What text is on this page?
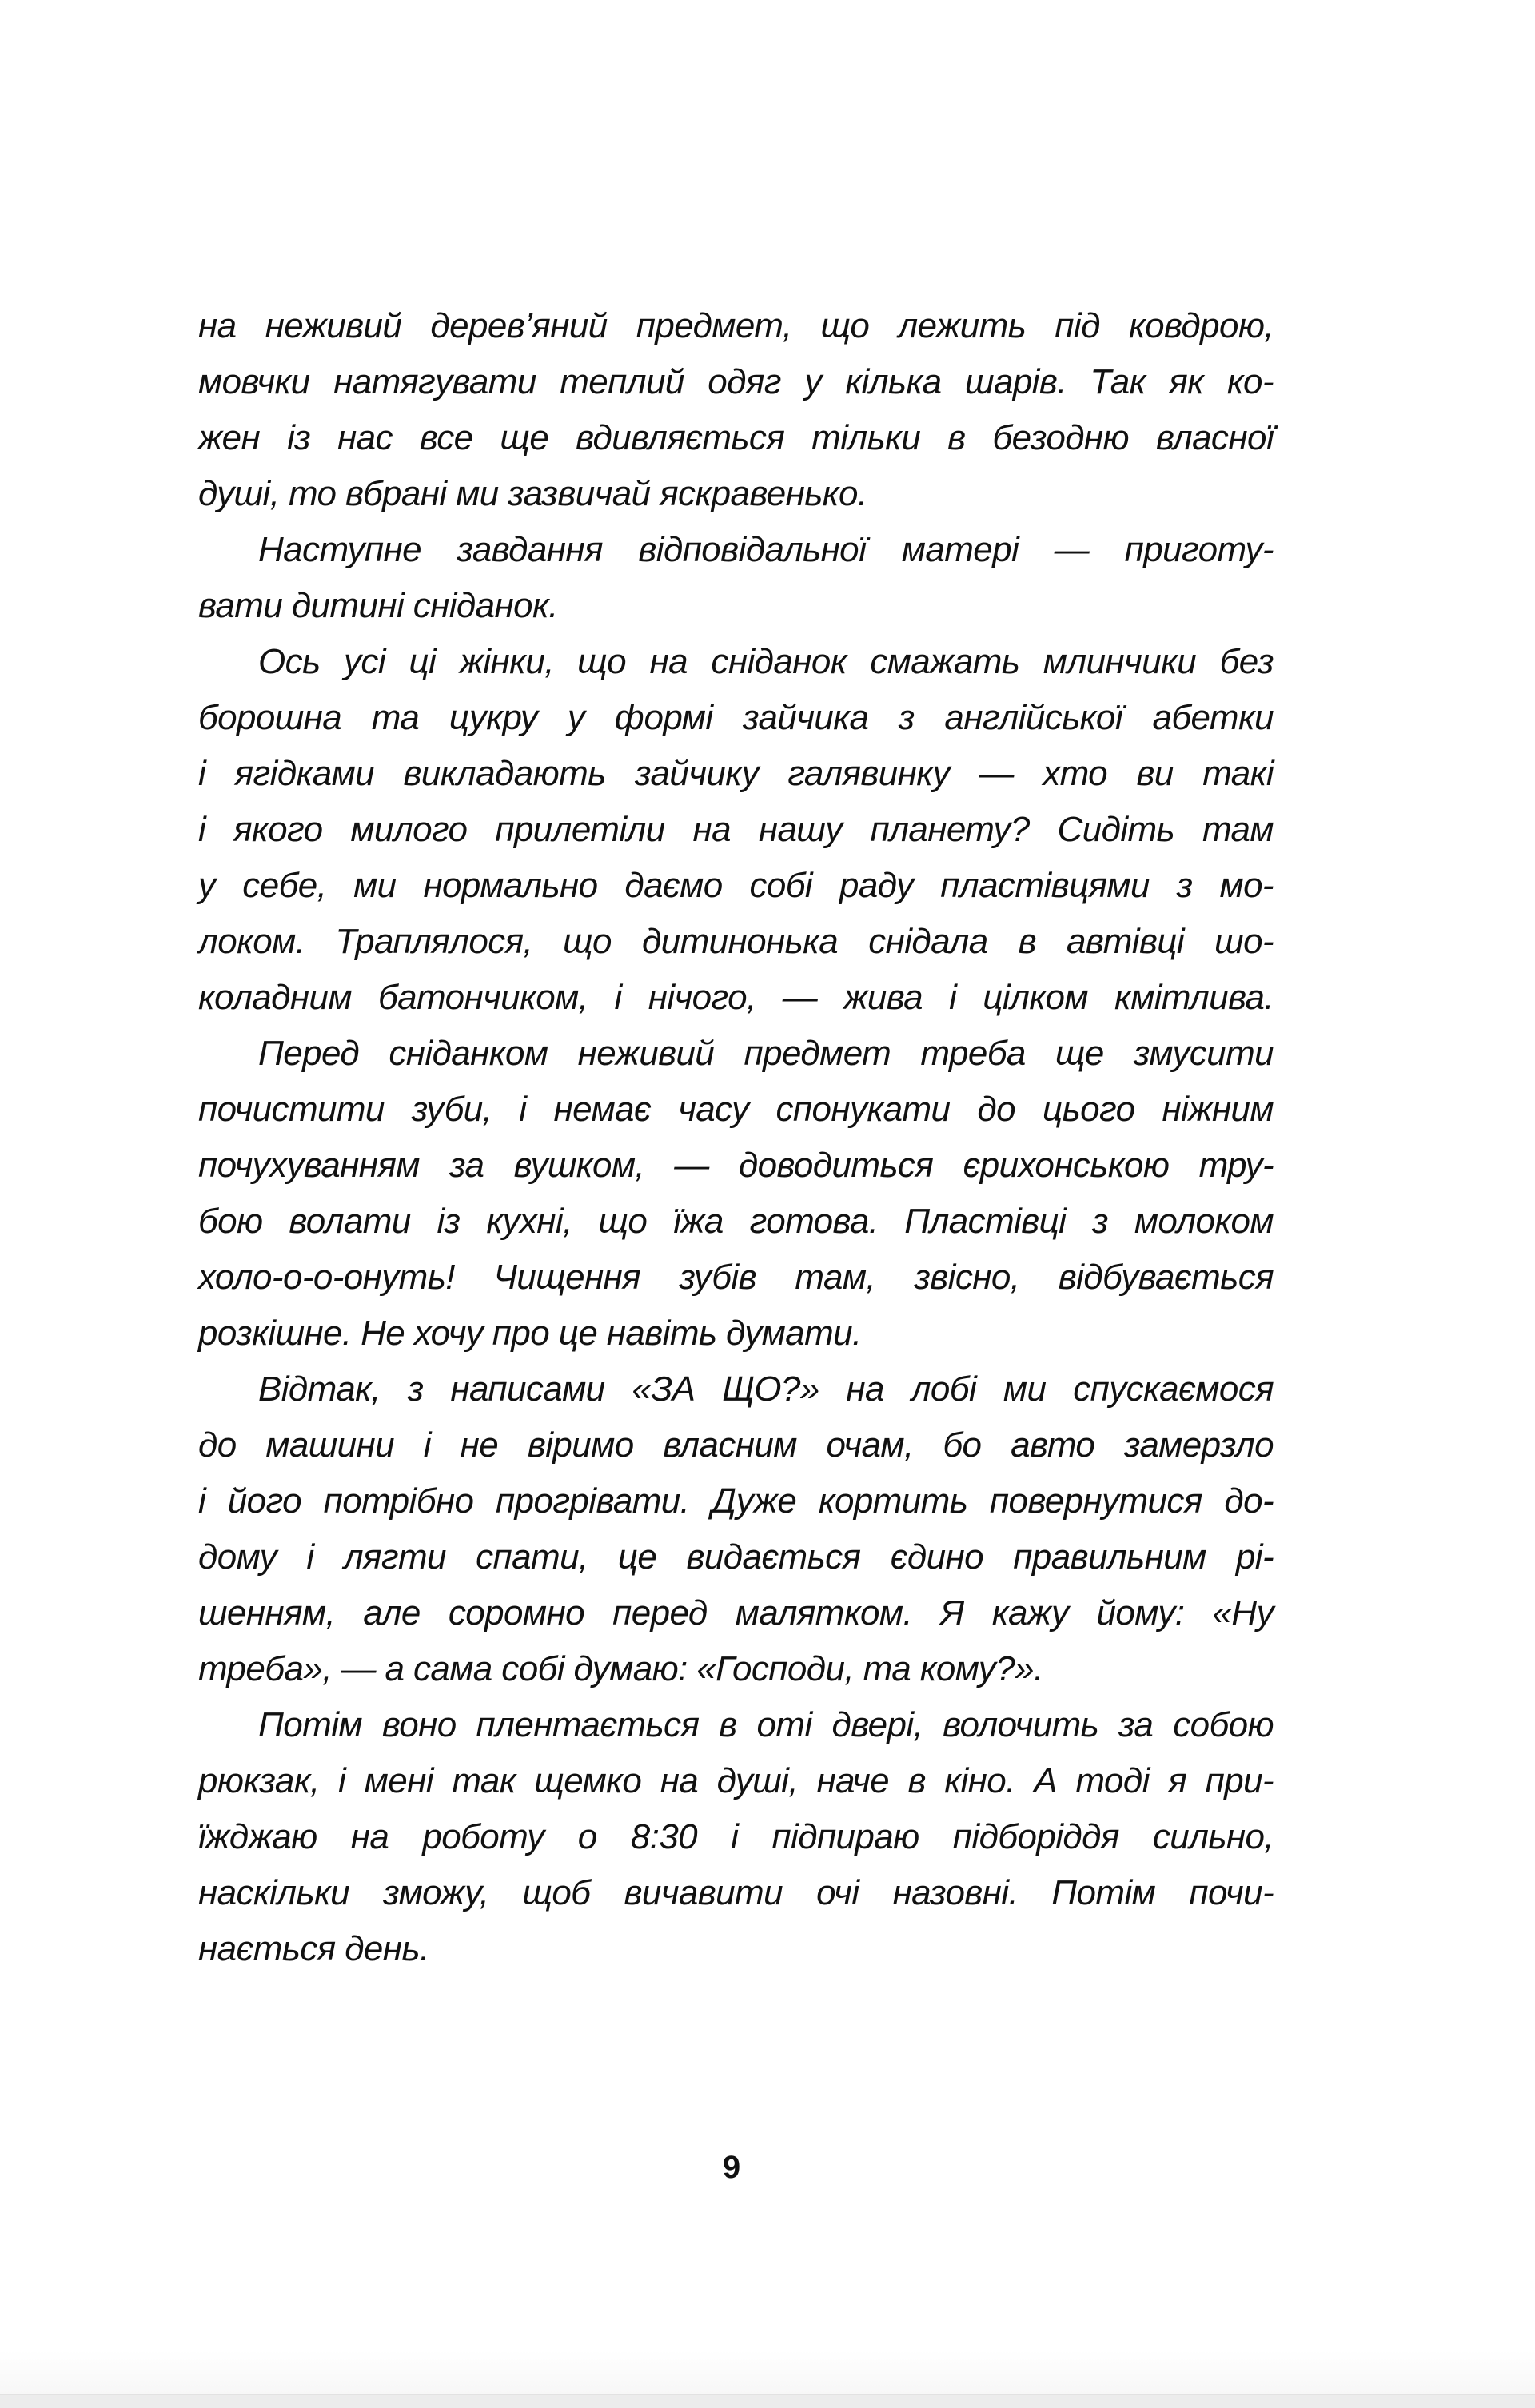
на неживий дерев’яний предмет, що лежить під ковдрою,
мовчки натягувати теплий одяг у кілька шарів. Так як ко-
жен із нас все ще вдивляється тільки в безодню власної
душі, то вбрані ми зазвичай яскравенько.
Наступне завдання відповідальної матері — приготу-
вати дитині сніданок.
Ось усі ці жінки, що на сніданок смажать млинчики без
борошна та цукру у формі зайчика з англійської абетки
і ягідками викладають зайчику галявинку — хто ви такі
і якого милого прилетіли на нашу планету? Сидіть там
у себе, ми нормально даємо собі раду пластівцями з мо-
локом. Траплялося, що дитинонька снідала в автівці шо-
коладним батончиком, і нічого, — жива і цілком кмітлива.
Перед сніданком неживий предмет треба ще змусити
почистити зуби, і немає часу спонукати до цього ніжним
почухуванням за вушком, — доводиться єрихонською тру-
бою волати із кухні, що їжа готова. Пластівці з молоком
холо-о-о-онуть! Чищення зубів там, звісно, відбувається
розкішне. Не хочу про це навіть думати.
Відтак, з написами «ЗА ЩО?» на лобі ми спускаємося
до машини і не віримо власним очам, бо авто замерзло
і його потрібно прогрівати. Дуже кортить повернутися до-
дому і лягти спати, це видається єдино правильним рі-
шенням, але соромно перед малятком. Я кажу йому: «Ну
треба», — а сама собі думаю: «Господи, та кому?».
Потім воно плентається в оті двері, волочить за собою
рюкзак, і мені так щемко на душі, наче в кіно. А тоді я при-
їжджаю на роботу о 8:30 і підпираю підборіддя сильно,
наскільки зможу, щоб вичавити очі назовні. Потім почи-
нається день.
9
